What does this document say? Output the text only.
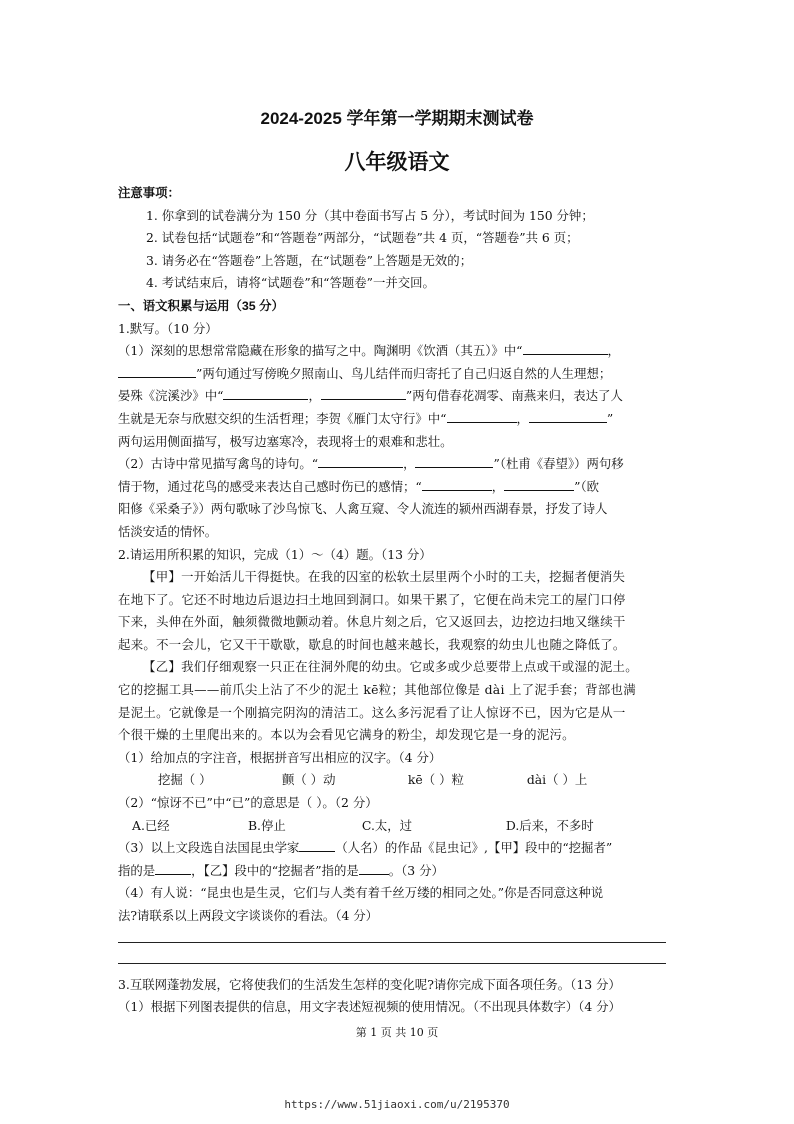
2024-2025 学年第一学期期末测试卷
八年级语文
注意事项：
1. 你拿到的试卷满分为 150 分（其中卷面书写占 5 分），考试时间为 150 分钟；
2. 试卷包括“试题卷”和“答题卷”两部分，“试题卷”共 4 页，“答题卷”共 6 页；
3. 请务必在“答题卷”上答题，在“试题卷”上答题是无效的；
4. 考试结束后，请将“试题卷”和“答题卷”一并交回。
一、语文积累与运用（35 分）
1.默写。（10 分）
（1）深刻的思想常常隐藏在形象的描写之中。陶渊明《饮酒（其五）》中“	，
”两句通过写傍晚夕照南山、鸟儿结伴而归寄托了自己归返自然的人生理想；
晏殊《浣溪沙》中“	，	”两句借春花凋零、南燕来归，表达了人
生就是无奈与欣慰交织的生活哲理；李贺《雁门太守行》中“	，	”
两句运用侧面描写，极写边塞寒冷，表现将士的艰难和悲壮。
（2）古诗中常见描写禽鸟的诗句。“	，	”（杜甫《春望》）两句移
情于物，通过花鸟的感受来表达自己感时伤已的感情；“	，	”（欧
阳修《采桑子》）两句歌咏了沙鸟惊飞、人禽互窥、令人流连的颍州西湖春景，抒发了诗人
恬淡安适的情怀。
2.请运用所积累的知识，完成（1）～（4）题。（13 分）
【甲】一开始活儿干得挺快。在我的囚室的松软土层里两个小时的工夫，挖掘者便消失
在地下了。它还不时地边后退边扫土地回到洞口。如果干累了，它便在尚未完工的屋门口停
下来，头伸在外面，触须微微地颤动着。休息片刻之后，它又返回去，边挖边扫地又继续干
起来。不一会儿，它又干干歇歇，歇息的时间也越来越长，我观察的幼虫儿也随之降低了。
【乙】我们仔细观察一只正在往洞外爬的幼虫。它或多或少总要带上点或干或湿的泥土。
它的挖掘工具——前爪尖上沾了不少的泥土 kē粒；其他部位像是 dài 上了泥手套；背部也满
是泥土。它就像是一个刚搞完阴沟的清洁工。这么多污泥看了让人惊讶不已，因为它是从一
个很干燥的土里爬出来的。本以为会看见它满身的粉尘，却发现它是一身的泥污。
（1）给加点的字注音，根据拼音写出相应的汉字。（4 分）
挖掘（ ）	颤（ ）动	kē（ ）粒	dài（ ）上
（2）“惊讶不已”中“已”的意思是（ ）。（2 分）
A.已经	B.停止	C.太，过	D.后来，不多时
（3）以上文段选自法国昆虫学家	（人名）的作品《昆虫记》,【甲】段中的“挖掘者”
指的是	，【乙】段中的“挖掘者”指的是 。（3 分）
（4）有人说：“昆虫也是生灵，它们与人类有着千丝万缕的相同之处。”你是否同意这种说
法?请联系以上两段文字谈谈你的看法。（4 分）
3.互联网蓬勃发展，它将使我们的生活发生怎样的变化呢?请你完成下面各项任务。（13 分）
（1）根据下列图表提供的信息，用文字表述短视频的使用情况。（不出现具体数字）（4 分）
第 1 页 共 10 页
https://www.51jiaoxi.com/u/2195370
